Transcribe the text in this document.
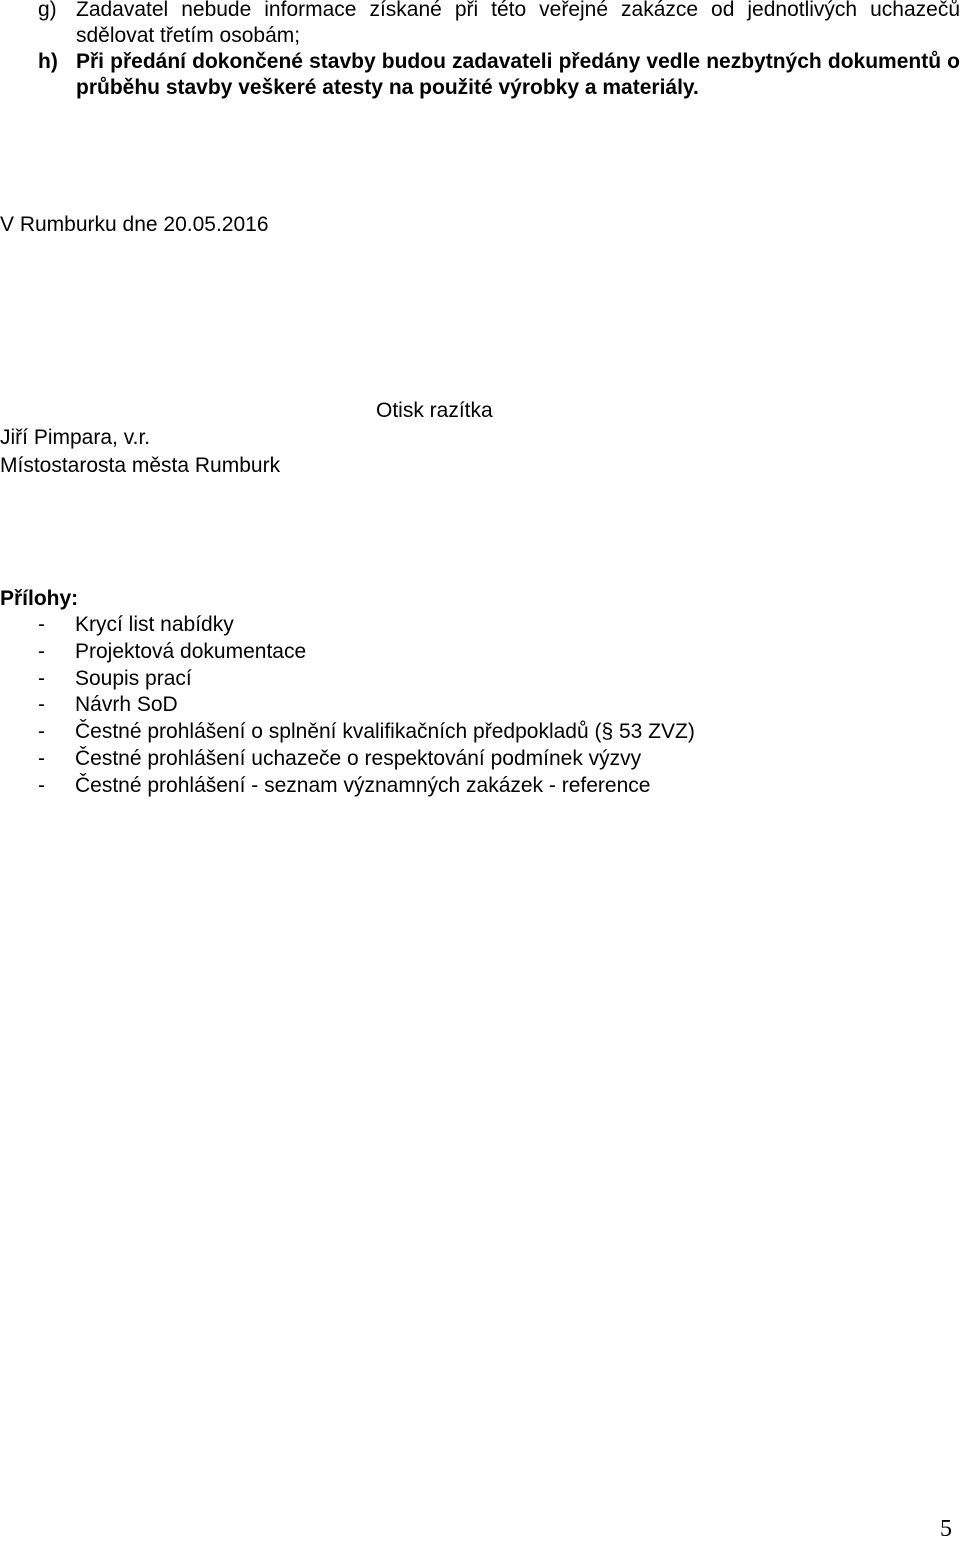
g) Zadavatel nebude informace získané při této veřejné zakázce od jednotlivých uchazečů sdělovat třetím osobám;
h) Při předání dokončené stavby budou zadavateli předány vedle nezbytných dokumentů o průběhu stavby veškeré atesty na použité výrobky a materiály.
V Rumburku dne 20.05.2016
Otisk razítka
Jiří Pimpara, v.r.
Místostarosta města Rumburk
Přílohy:
- Krycí list nabídky
- Projektová dokumentace
- Soupis prací
- Návrh SoD
- Čestné prohlášení o splnění kvalifikačních předpokladů (§ 53 ZVZ)
- Čestné prohlášení uchazeče o respektování podmínek výzvy
- Čestné prohlášení - seznam významných zakázek - reference
5
